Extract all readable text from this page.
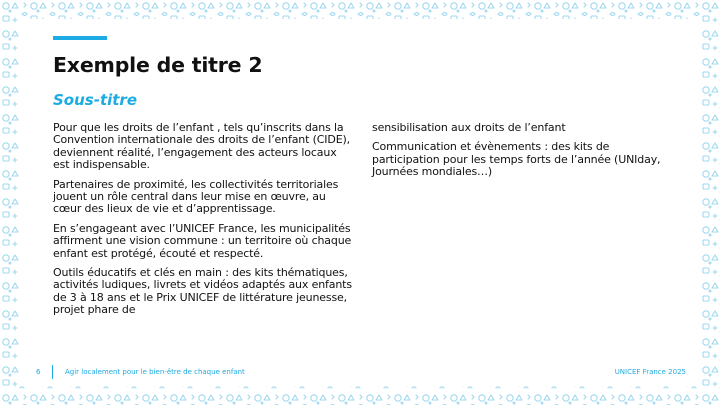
Exemple de titre 2
Sous-titre

Pour que les droits de l’enfant , tels qu’inscrits dans la Convention internationale des droits de l’enfant (CIDE), deviennent réalité, l’engagement des acteurs locaux est indispensable.

Partenaires de proximité, les collectivités territoriales jouent un rôle central dans leur mise en œuvre, au cœur des lieux de vie et d’apprentissage.

En s’engageant avec l’UNICEF France, les municipalités affirment une vision commune : un territoire où chaque enfant est protégé, écouté et respecté.

Outils éducatifs et clés en main : des kits thématiques, activités ludiques, livrets et vidéos adaptés aux enfants de 3 à 18 ans et le Prix UNICEF de littérature jeunesse, projet phare de

sensibilisation aux droits de l’enfant

Communication et évènements : des kits de participation pour les temps forts de l’année (UNIday, Journées mondiales…)

6	Agir localement pour le bien-être de chaque enfant	UNICEF France 2025
